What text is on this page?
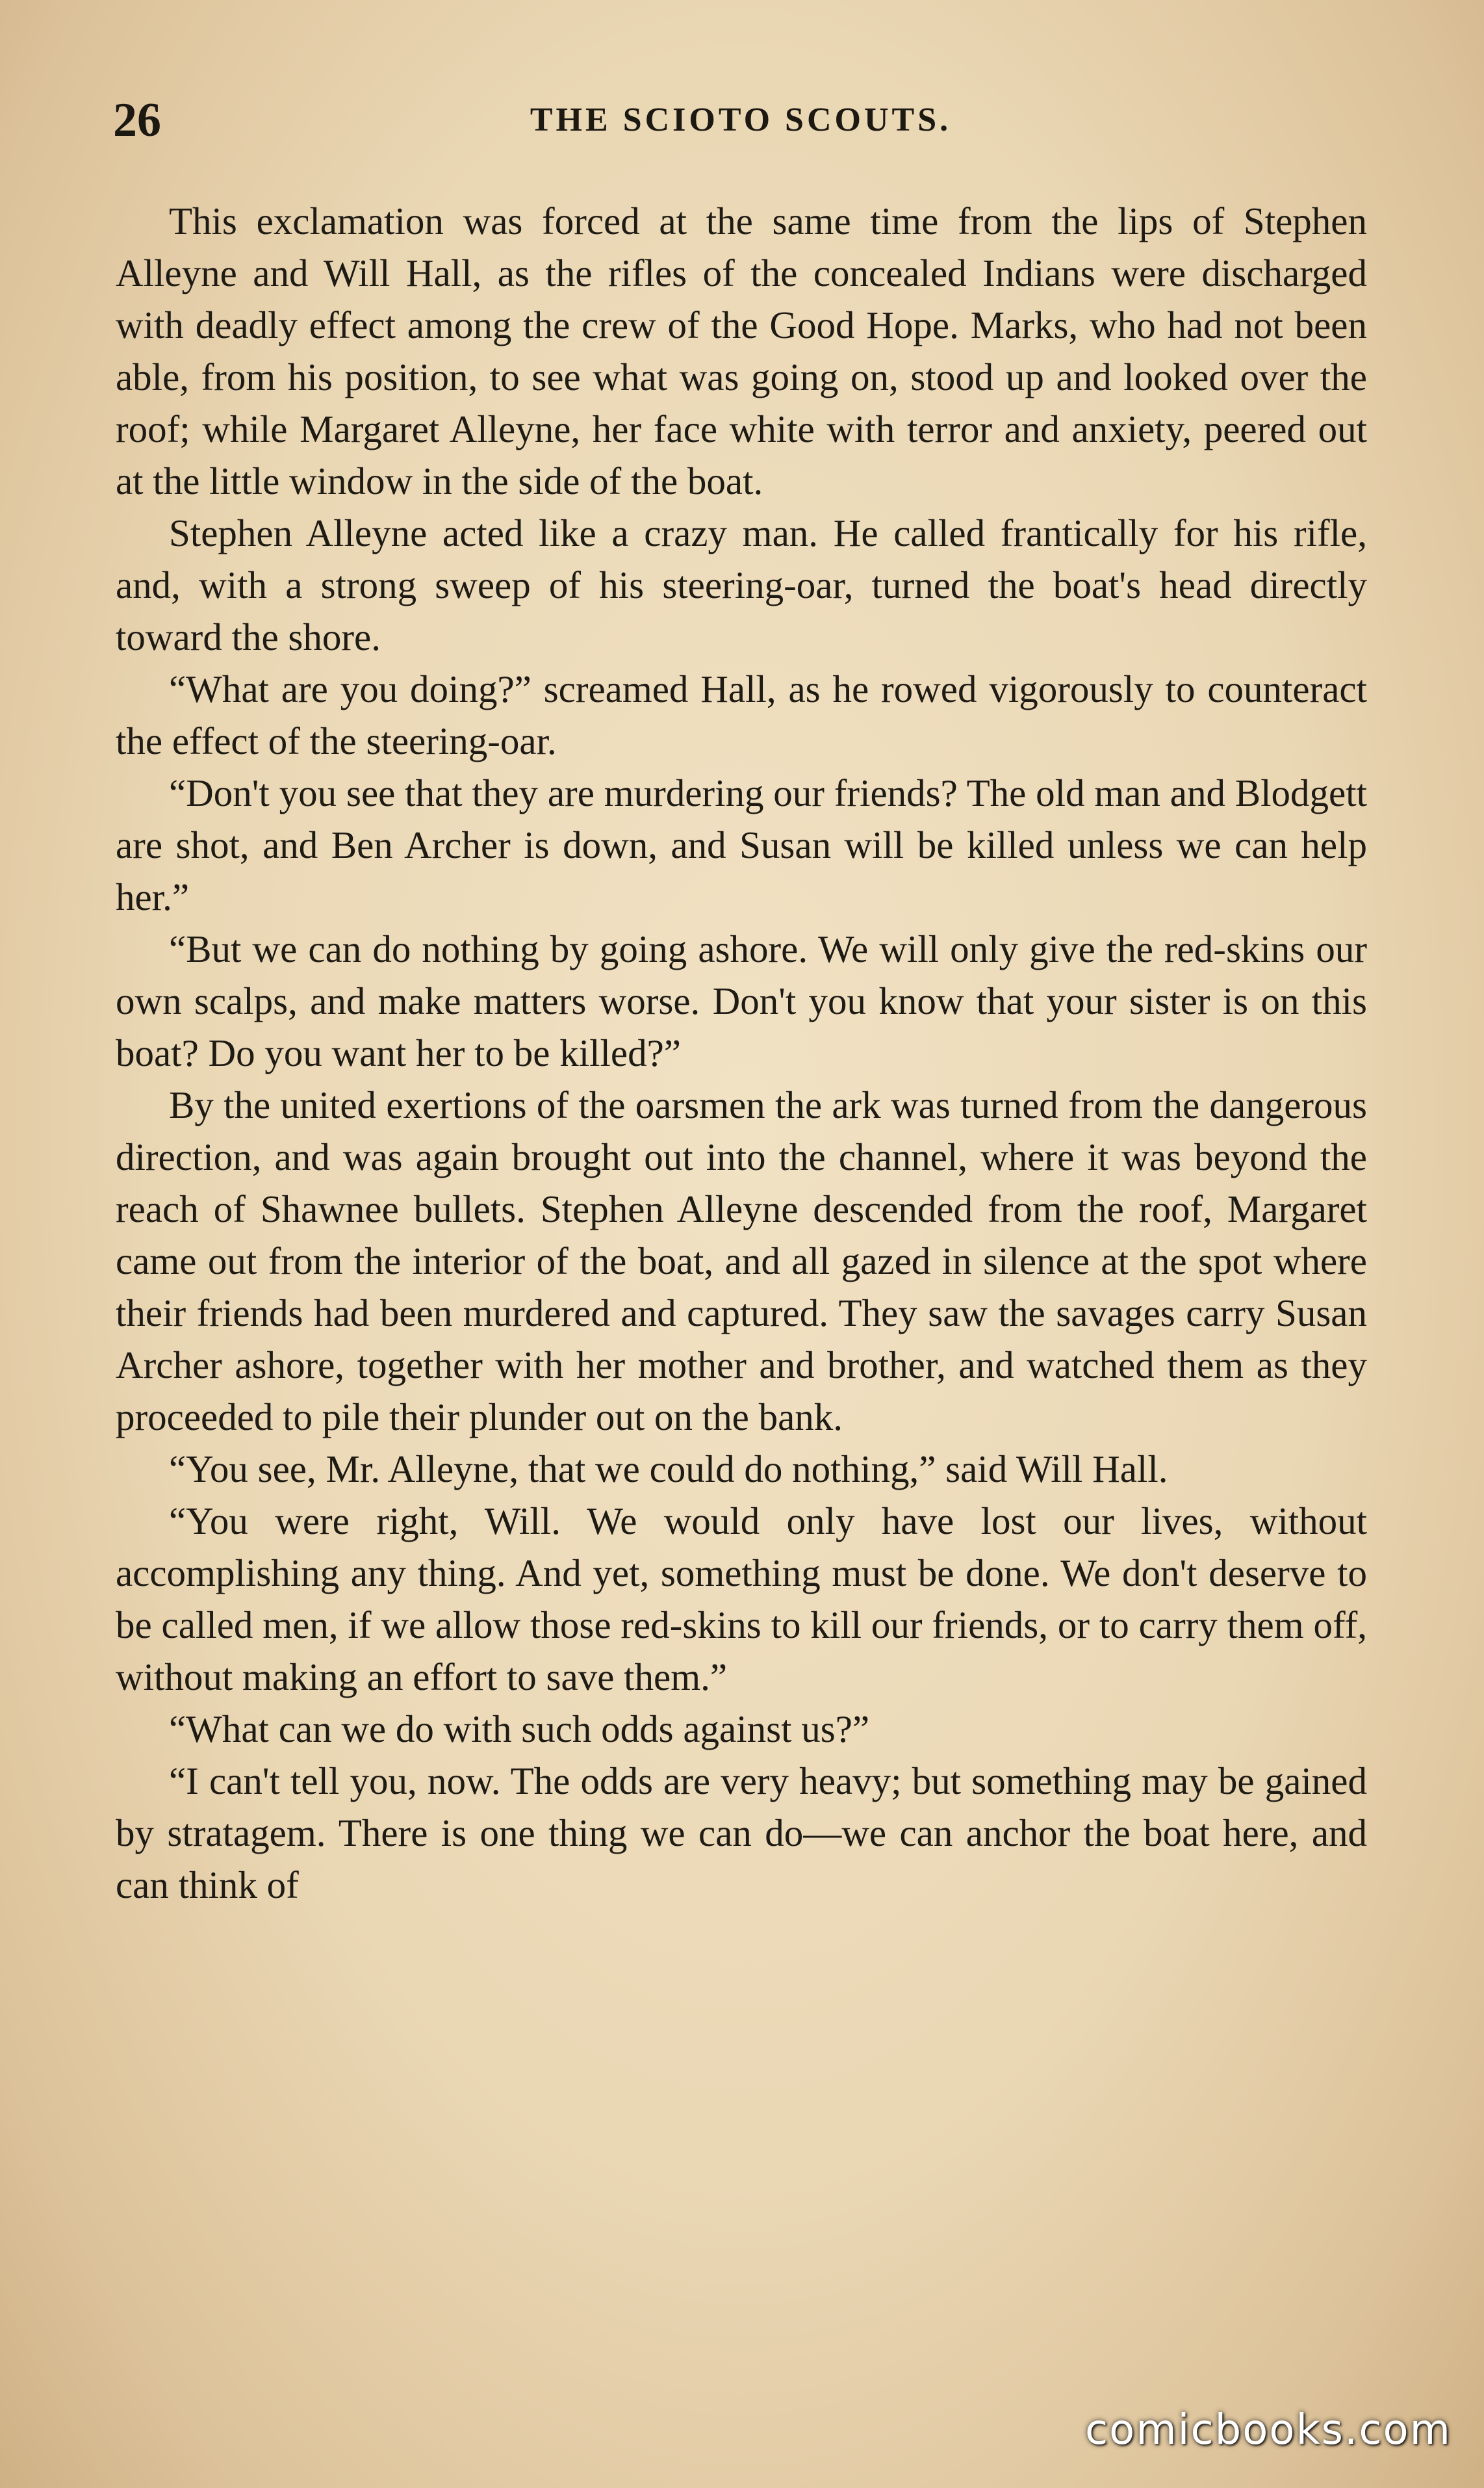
26	THE SCIOTO SCOUTS.

This exclamation was forced at the same time from the lips of Stephen Alleyne and Will Hall, as the rifles of the concealed Indians were discharged with deadly effect among the crew of the Good Hope. Marks, who had not been able, from his position, to see what was going on, stood up and looked over the roof; while Margaret Alleyne, her face white with terror and anxiety, peered out at the little window in the side of the boat.

Stephen Alleyne acted like a crazy man. He called frantically for his rifle, and, with a strong sweep of his steering-oar, turned the boat's head directly toward the shore.

“What are you doing?” screamed Hall, as he rowed vigorously to counteract the effect of the steering-oar.

“Don't you see that they are murdering our friends? The old man and Blodgett are shot, and Ben Archer is down, and Susan will be killed unless we can help her.”

“But we can do nothing by going ashore. We will only give the red-skins our own scalps, and make matters worse. Don't you know that your sister is on this boat? Do you want her to be killed?”

By the united exertions of the oarsmen the ark was turned from the dangerous direction, and was again brought out into the channel, where it was beyond the reach of Shawnee bullets. Stephen Alleyne descended from the roof, Margaret came out from the interior of the boat, and all gazed in silence at the spot where their friends had been murdered and captured. They saw the savages carry Susan Archer ashore, together with her mother and brother, and watched them as they proceeded to pile their plunder out on the bank.

“You see, Mr. Alleyne, that we could do nothing,” said Will Hall.

“You were right, Will. We would only have lost our lives, without accomplishing any thing. And yet, something must be done. We don't deserve to be called men, if we allow those red-skins to kill our friends, or to carry them off, without making an effort to save them.”

“What can we do with such odds against us?”

“I can't tell you, now. The odds are very heavy; but something may be gained by stratagem. There is one thing we can do—we can anchor the boat here, and can think of

comicbooks.com
